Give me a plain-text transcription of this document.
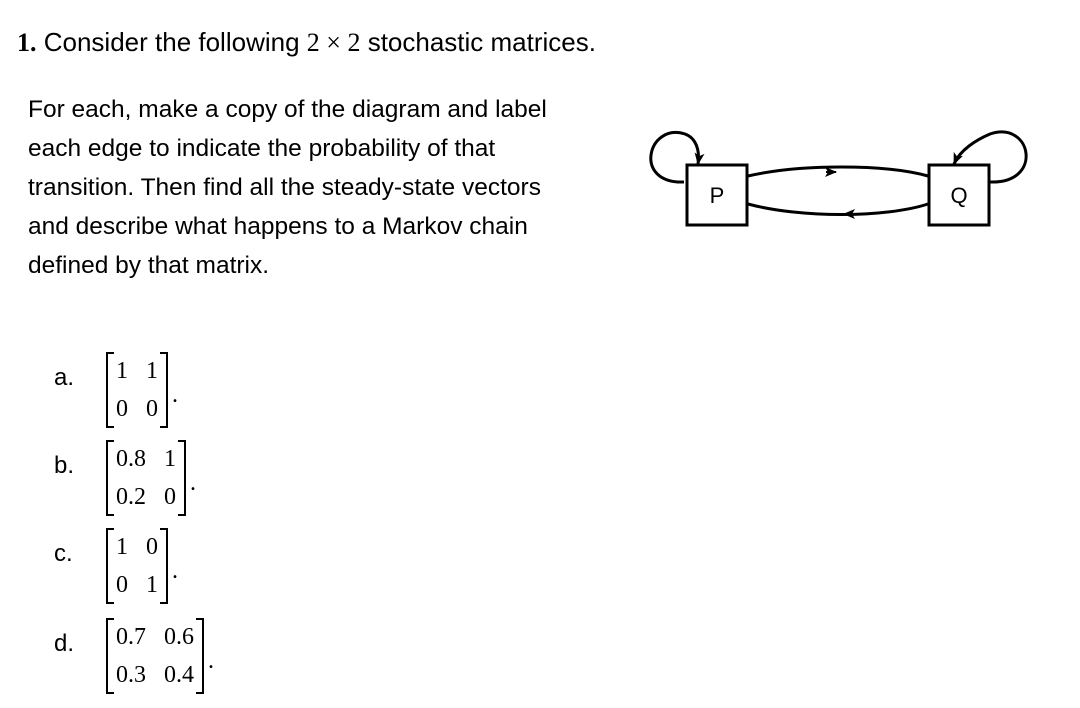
1. Consider the following 2 × 2 stochastic matrices.
For each, make a copy of the diagram and label each edge to indicate the probability of that transition. Then find all the steady-state vectors and describe what happens to a Markov chain defined by that matrix.
P	Q
a. 1 1
0 0
.
b. 0.8 1
0.2 0
.
c. 1 0
0 1
.
d. 0.7 0.6
0.3 0.4
.
